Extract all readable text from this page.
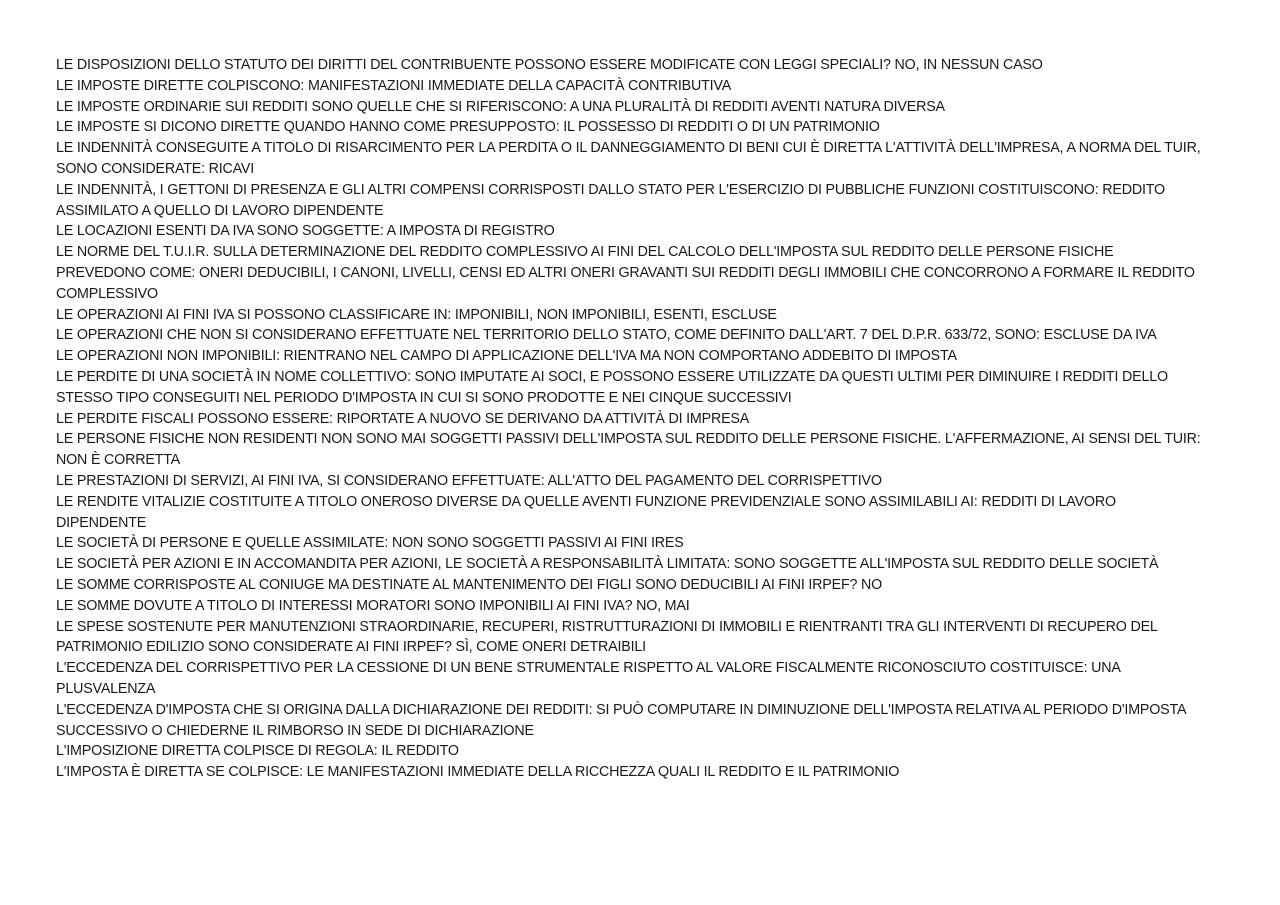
LE DISPOSIZIONI DELLO STATUTO DEI DIRITTI DEL CONTRIBUENTE POSSONO ESSERE MODIFICATE CON LEGGI SPECIALI? NO, IN NESSUN CASO

LE IMPOSTE DIRETTE COLPISCONO: MANIFESTAZIONI IMMEDIATE DELLA CAPACITÀ CONTRIBUTIVA

LE IMPOSTE ORDINARIE SUI REDDITI SONO QUELLE CHE SI RIFERISCONO: A UNA PLURALITÀ DI REDDITI AVENTI NATURA DIVERSA

LE IMPOSTE SI DICONO DIRETTE QUANDO HANNO COME PRESUPPOSTO: IL POSSESSO DI REDDITI O DI UN PATRIMONIO

LE INDENNITÀ CONSEGUITE A TITOLO DI RISARCIMENTO PER LA PERDITA O IL DANNEGGIAMENTO DI BENI CUI È DIRETTA L'ATTIVITÀ DELL'IMPRESA, A NORMA DEL TUIR, SONO CONSIDERATE: RICAVI

LE INDENNITÀ, I GETTONI DI PRESENZA E GLI ALTRI COMPENSI CORRISPOSTI DALLO STATO PER L'ESERCIZIO DI PUBBLICHE FUNZIONI COSTITUISCONO: REDDITO ASSIMILATO A QUELLO DI LAVORO DIPENDENTE

LE LOCAZIONI ESENTI DA IVA SONO SOGGETTE: A IMPOSTA DI REGISTRO

LE NORME DEL T.U.I.R. SULLA DETERMINAZIONE DEL REDDITO COMPLESSIVO AI FINI DEL CALCOLO DELL'IMPOSTA SUL REDDITO DELLE PERSONE FISICHE PREVEDONO COME: ONERI DEDUCIBILI, I CANONI, LIVELLI, CENSI ED ALTRI ONERI GRAVANTI SUI REDDITI DEGLI IMMOBILI CHE CONCORRONO A FORMARE IL REDDITO COMPLESSIVO

LE OPERAZIONI AI FINI IVA SI POSSONO CLASSIFICARE IN: IMPONIBILI, NON IMPONIBILI, ESENTI, ESCLUSE

LE OPERAZIONI CHE NON SI CONSIDERANO EFFETTUATE NEL TERRITORIO DELLO STATO, COME DEFINITO DALL'ART. 7 DEL D.P.R. 633/72, SONO: ESCLUSE DA IVA

LE OPERAZIONI NON IMPONIBILI: RIENTRANO NEL CAMPO DI APPLICAZIONE DELL'IVA MA NON COMPORTANO ADDEBITO DI IMPOSTA

LE PERDITE DI UNA SOCIETÀ IN NOME COLLETTIVO: SONO IMPUTATE AI SOCI, E POSSONO ESSERE UTILIZZATE DA QUESTI ULTIMI PER DIMINUIRE I REDDITI DELLO STESSO TIPO CONSEGUITI NEL PERIODO D'IMPOSTA IN CUI SI SONO PRODOTTE E NEI CINQUE SUCCESSIVI

LE PERDITE FISCALI POSSONO ESSERE: RIPORTATE A NUOVO SE DERIVANO DA ATTIVITÀ DI IMPRESA

LE PERSONE FISICHE NON RESIDENTI NON SONO MAI SOGGETTI PASSIVI DELL'IMPOSTA SUL REDDITO DELLE PERSONE FISICHE. L'AFFERMAZIONE, AI SENSI DEL TUIR: NON È CORRETTA

LE PRESTAZIONI DI SERVIZI, AI FINI IVA, SI CONSIDERANO EFFETTUATE: ALL'ATTO DEL PAGAMENTO DEL CORRISPETTIVO

LE RENDITE VITALIZIE COSTITUITE A TITOLO ONEROSO DIVERSE DA QUELLE AVENTI FUNZIONE PREVIDENZIALE SONO ASSIMILABILI AI: REDDITI DI LAVORO DIPENDENTE

LE SOCIETÀ DI PERSONE E QUELLE ASSIMILATE: NON SONO SOGGETTI PASSIVI AI FINI IRES

LE SOCIETÀ PER AZIONI E IN ACCOMANDITA PER AZIONI, LE SOCIETÀ A RESPONSABILITÀ LIMITATA: SONO SOGGETTE ALL'IMPOSTA SUL REDDITO DELLE SOCIETÀ

LE SOMME CORRISPOSTE AL CONIUGE MA DESTINATE AL MANTENIMENTO DEI FIGLI SONO DEDUCIBILI AI FINI IRPEF? NO

LE SOMME DOVUTE A TITOLO DI INTERESSI MORATORI SONO IMPONIBILI AI FINI IVA? NO, MAI

LE SPESE SOSTENUTE PER MANUTENZIONI STRAORDINARIE, RECUPERI, RISTRUTTURAZIONI DI IMMOBILI E RIENTRANTI TRA GLI INTERVENTI DI RECUPERO DEL PATRIMONIO EDILIZIO SONO CONSIDERATE AI FINI IRPEF? SÌ, COME ONERI DETRAIBILI

L'ECCEDENZA DEL CORRISPETTIVO PER LA CESSIONE DI UN BENE STRUMENTALE RISPETTO AL VALORE FISCALMENTE RICONOSCIUTO COSTITUISCE: UNA PLUSVALENZA

L'ECCEDENZA D'IMPOSTA CHE SI ORIGINA DALLA DICHIARAZIONE DEI REDDITI: SI PUÒ COMPUTARE IN DIMINUZIONE DELL'IMPOSTA RELATIVA AL PERIODO D'IMPOSTA SUCCESSIVO O CHIEDERNE IL RIMBORSO IN SEDE DI DICHIARAZIONE

L'IMPOSIZIONE DIRETTA COLPISCE DI REGOLA: IL REDDITO

L'IMPOSTA È DIRETTA SE COLPISCE: LE MANIFESTAZIONI IMMEDIATE DELLA RICCHEZZA QUALI IL REDDITO E IL PATRIMONIO
